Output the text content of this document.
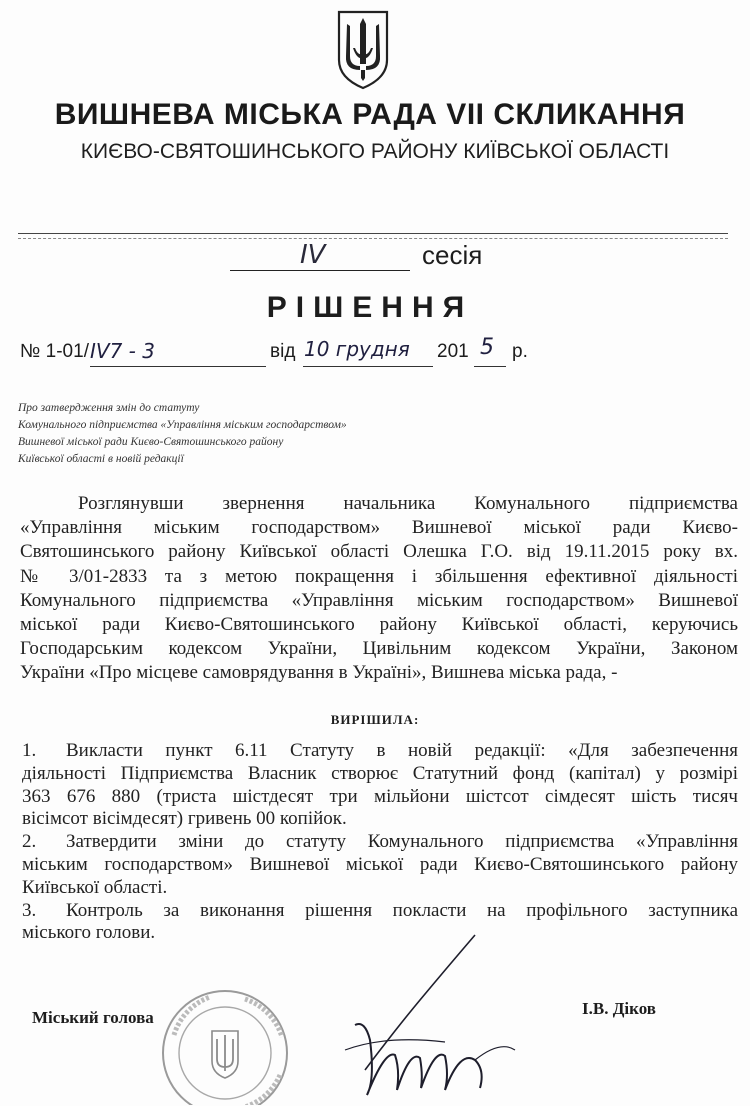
ВИШНЕВА МІСЬКА РАДА VII СКЛИКАННЯ
КИЄВО-СВЯТОШИНСЬКОГО РАЙОНУ КИЇВСЬКОЇ ОБЛАСТІ
IV	сесія
РІШЕННЯ
№ 1-01/ IV7 - 3	від 10 грудня 201 5 р.
Про затвердження змін до статуту
Комунального підприємства «Управління міським господарством»
Вишневої міської ради Києво-Святошинського району
Київської області в новій редакції
Розглянувши звернення начальника Комунального підприємства
«Управління міським господарством» Вишневої міської ради Києво-
Святошинського району Київської області Олешка Г.О. від 19.11.2015 року вх.
№ 3/01-2833 та з метою покращення і збільшення ефективної діяльності
Комунального підприємства «Управління міським господарством» Вишневої
міської ради Києво-Святошинського району Київської області, керуючись
Господарським кодексом України, Цивільним кодексом України, Законом
України «Про місцеве самоврядування в Україні», Вишнева міська рада, -
ВИРІШИЛА:
1. Викласти пункт 6.11 Статуту в новій редакції: «Для забезпечення
діяльності Підприємства Власник створює Статутний фонд (капітал) у розмірі
363 676 880 (триста шістдесят три мільйони шістсот сімдесят шість тисяч
вісімсот вісімдесят) гривень 00 копійок.
2. Затвердити зміни до статуту Комунального підприємства «Управління
міським господарством» Вишневої міської ради Києво-Святошинського району
Київської області.
3. Контроль за виконання рішення покласти на профільного заступника
міського голови.
Міський голова	І.В. Діков
